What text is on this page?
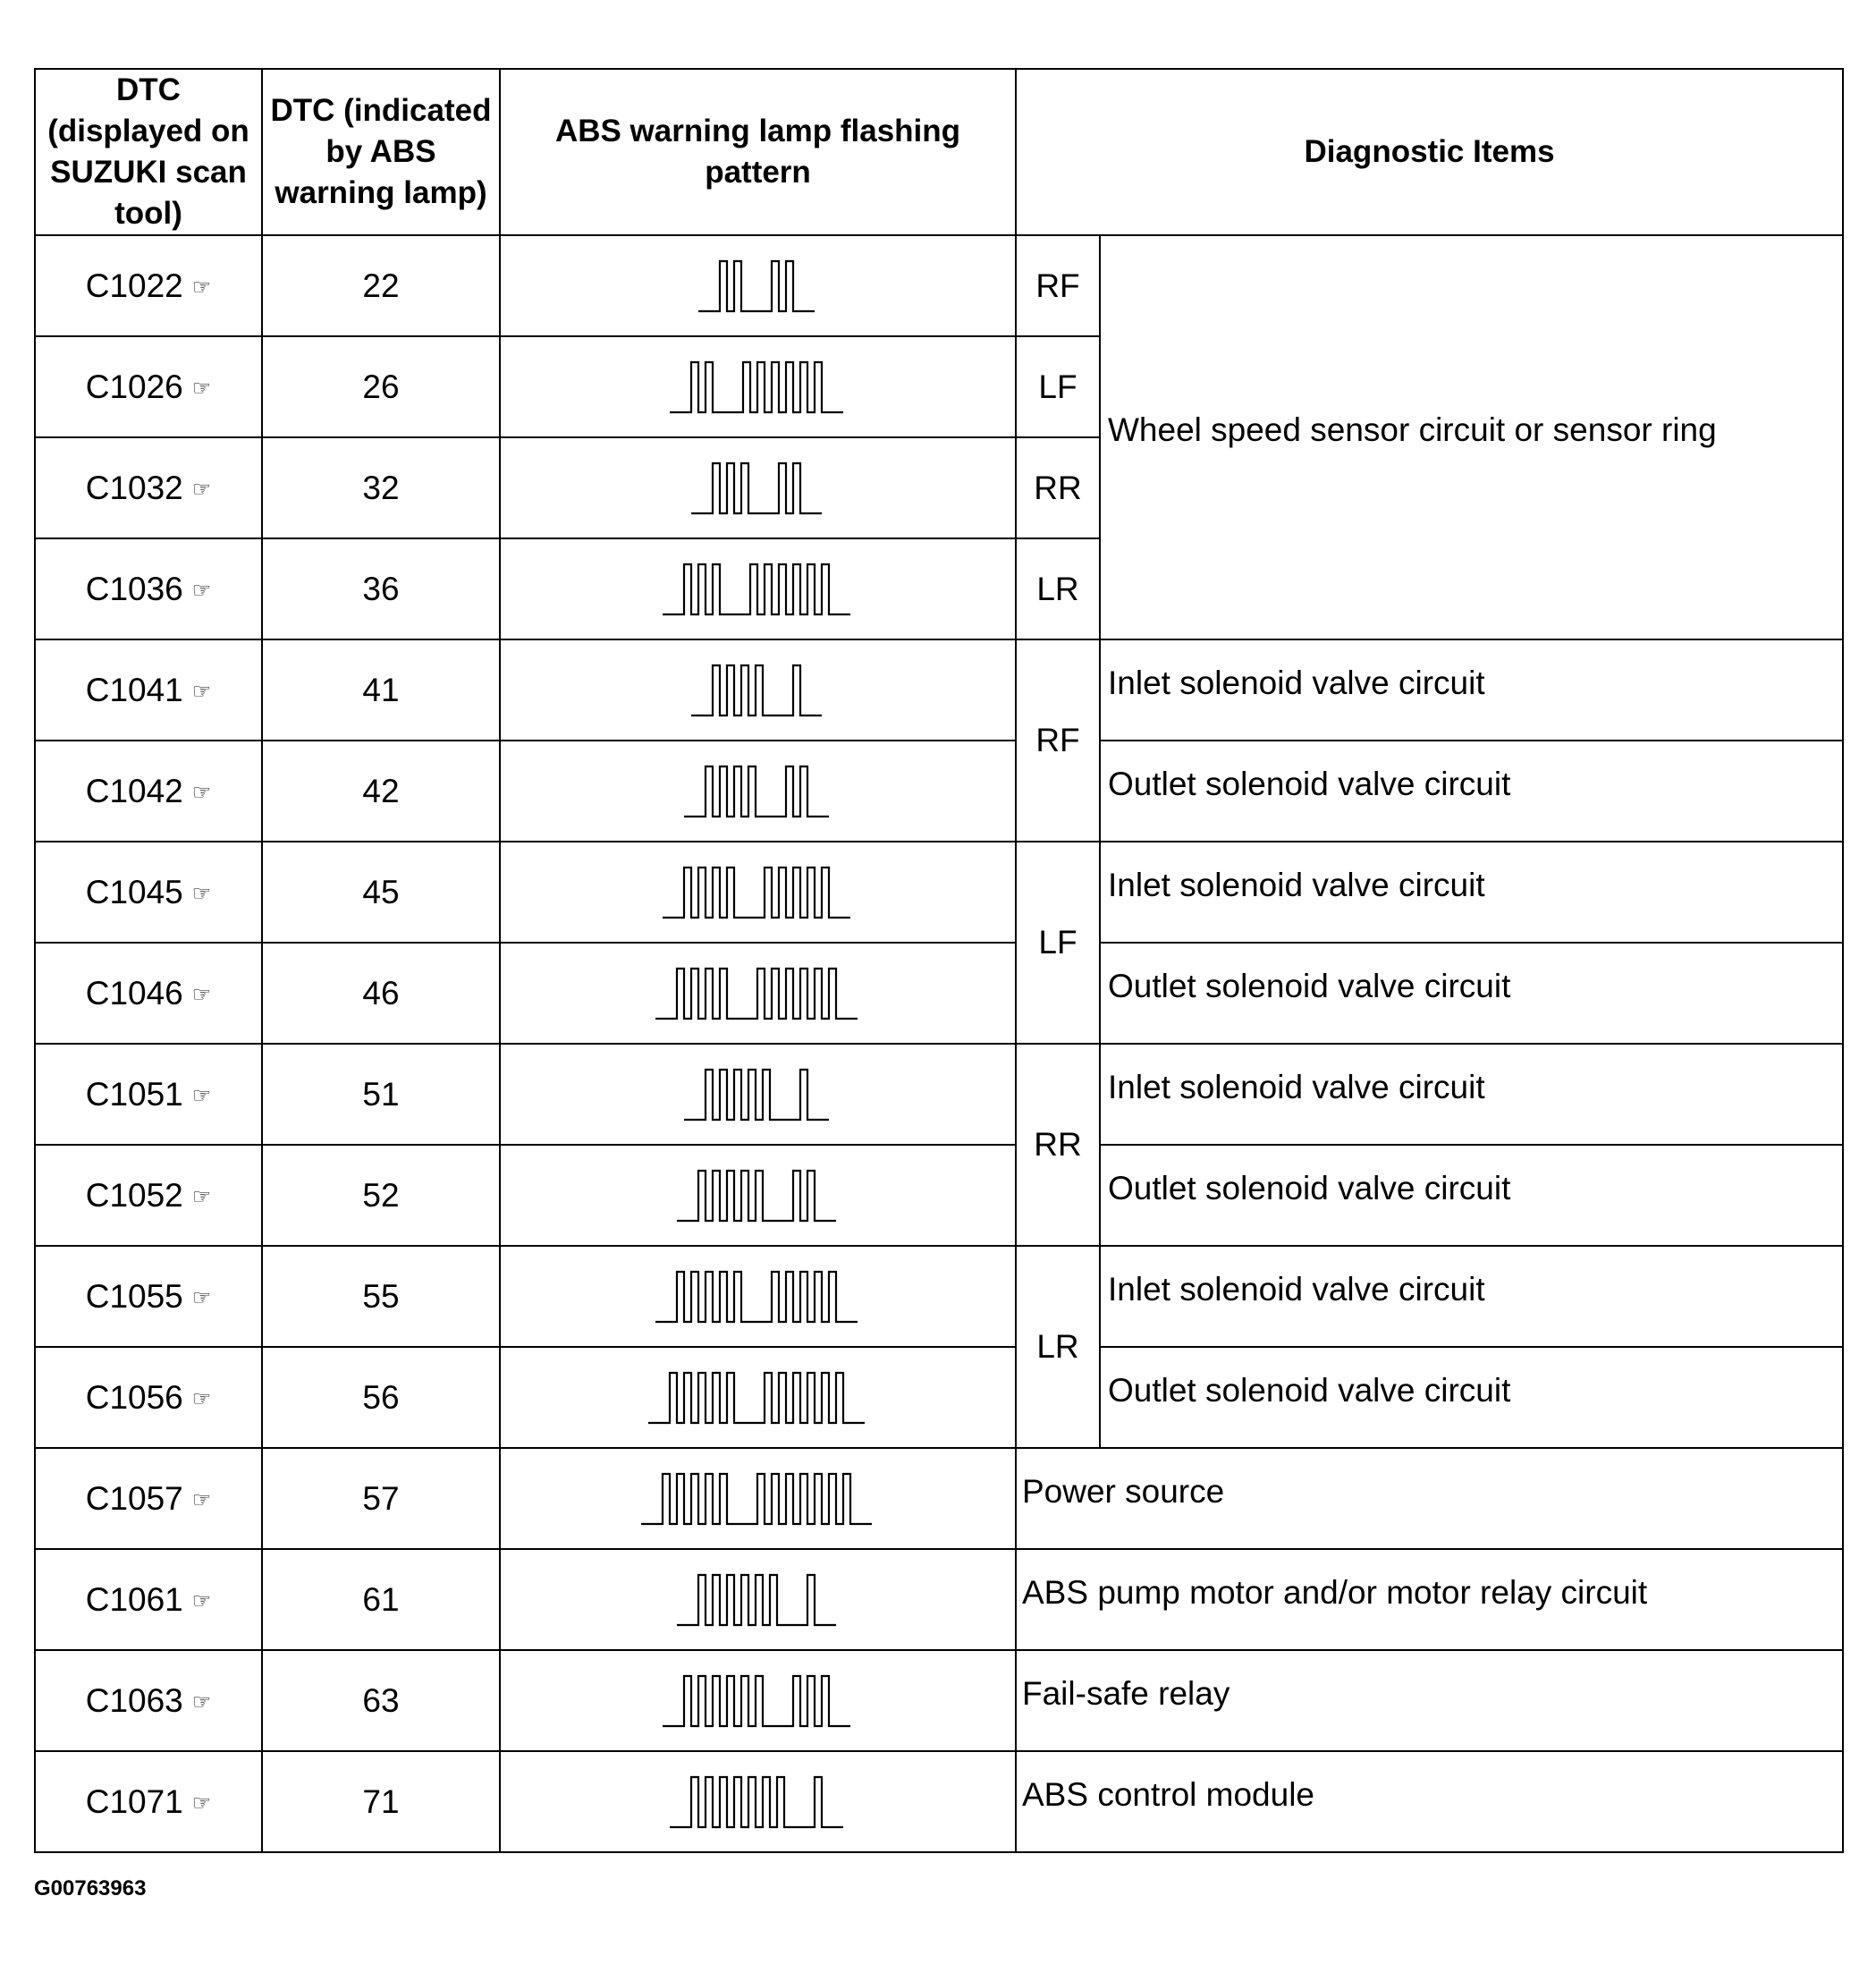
DTC (displayed on SUZUKI scan tool)	DTC (indicated by ABS warning lamp)	ABS warning lamp flashing pattern	Diagnostic Items	
C1022 ☞	22		RF	Wheel speed sensor circuit or sensor ring
C1026 ☞	26		LF	
C1032 ☞	32		RR	
C1036 ☞	36		LR	
C1041 ☞	41		RF	Inlet solenoid valve circuit
C1042 ☞	42			Outlet solenoid valve circuit
C1045 ☞	45		LF	Inlet solenoid valve circuit
C1046 ☞	46			Outlet solenoid valve circuit
C1051 ☞	51		RR	Inlet solenoid valve circuit
C1052 ☞	52			Outlet solenoid valve circuit
C1055 ☞	55		LR	Inlet solenoid valve circuit
C1056 ☞	56			Outlet solenoid valve circuit
C1057 ☞	57		Power source	
C1061 ☞	61		ABS pump motor and/or motor relay circuit	
C1063 ☞	63		Fail-safe relay	
C1071 ☞	71		ABS control module	
G00763963
